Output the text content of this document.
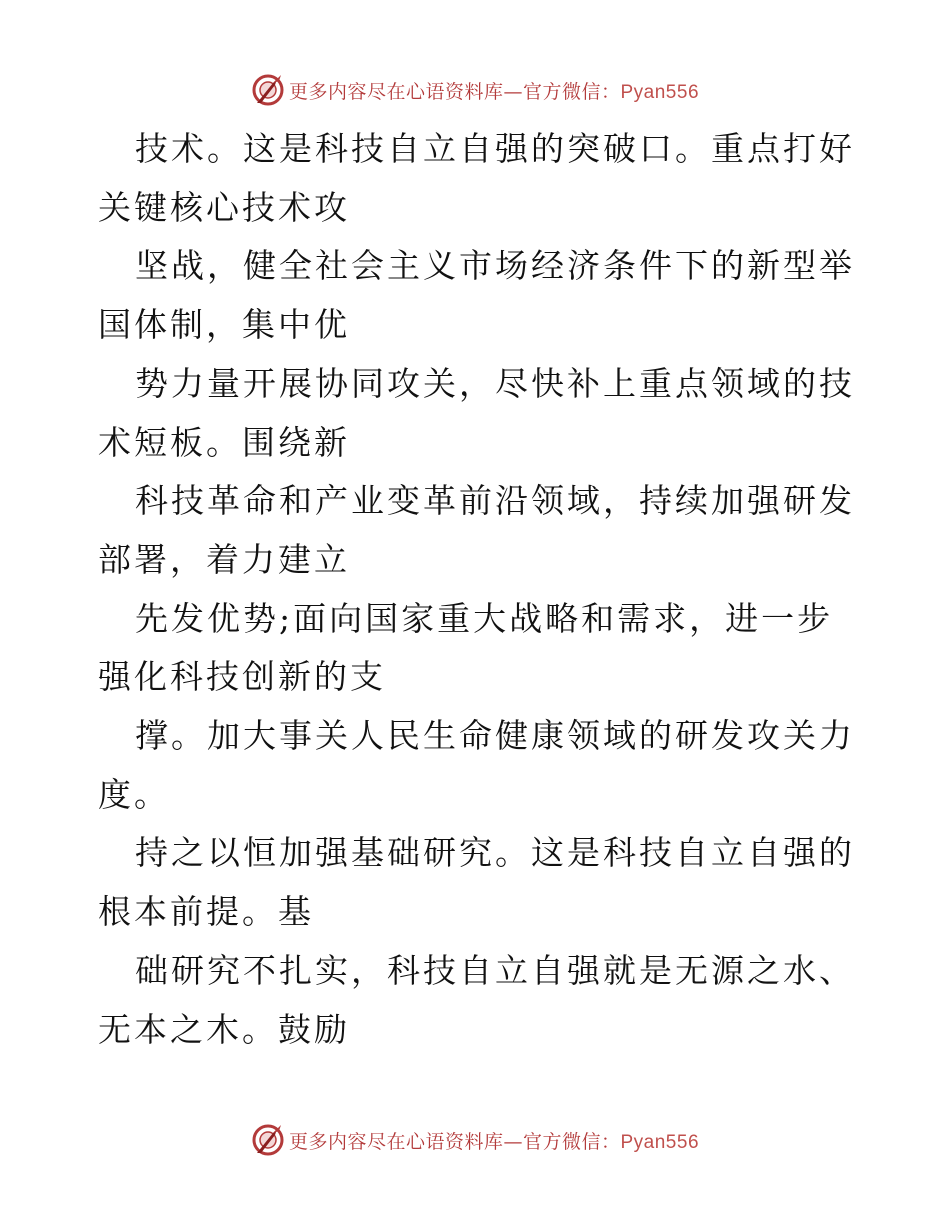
更多内容尽在心语资料库—官方微信：Pyan556

技术。这是科技自立自强的突破口。重点打好关键核心技术攻

坚战，健全社会主义市场经济条件下的新型举国体制，集中优

势力量开展协同攻关，尽快补上重点领域的技术短板。围绕新

科技革命和产业变革前沿领域，持续加强研发部署，着力建立

先发优势;面向国家重大战略和需求，进一步强化科技创新的支

撑。加大事关人民生命健康领域的研发攻关力度。

持之以恒加强基础研究。这是科技自立自强的根本前提。基

础研究不扎实，科技自立自强就是无源之水、无本之木。鼓励

更多内容尽在心语资料库—官方微信：Pyan556
